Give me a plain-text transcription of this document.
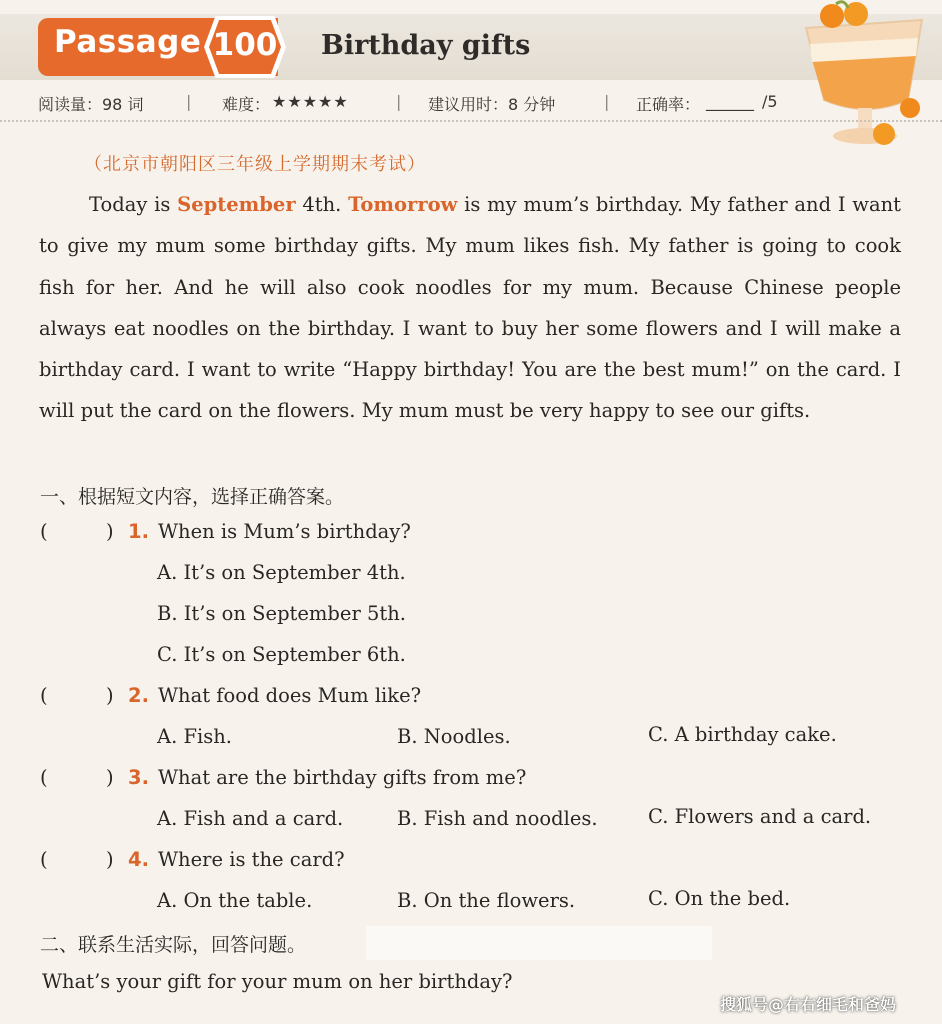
Passage 100 Birthday gifts
阅读量：98 词	| 难度： ★★★★★	| 建议用时：8 分钟	| 正确率： ______ /5
（北京市朝阳区三年级上学期期末考试）

Today is September 4th. Tomorrow is my mum’s birthday. My father and I want to give my mum some birthday gifts. My mum likes fish. My father is going to cook fish for her. And he will also cook noodles for my mum. Because Chinese people always eat noodles on the birthday. I want to buy her some flowers and I will make a birthday card. I want to write “Happy birthday! You are the best mum!” on the card. I will put the card on the flowers. My mum must be very happy to see our gifts.

一、根据短文内容，选择正确答案。
(	) 1. When is Mum’s birthday?
A. It’s on September 4th.
B. It’s on September 5th.
C. It’s on September 6th.
(	) 2. What food does Mum like?
A. Fish.	B. Noodles.	C. A birthday cake.
(	) 3. What are the birthday gifts from me?
A. Fish and a card.	B. Fish and noodles.	C. Flowers and a card.
(	) 4. Where is the card?
A. On the table.	B. On the flowers.	C. On the bed.
二、联系生活实际，回答问题。
What’s your gift for your mum on her birthday?
搜狐号@右右细毛和爸妈
